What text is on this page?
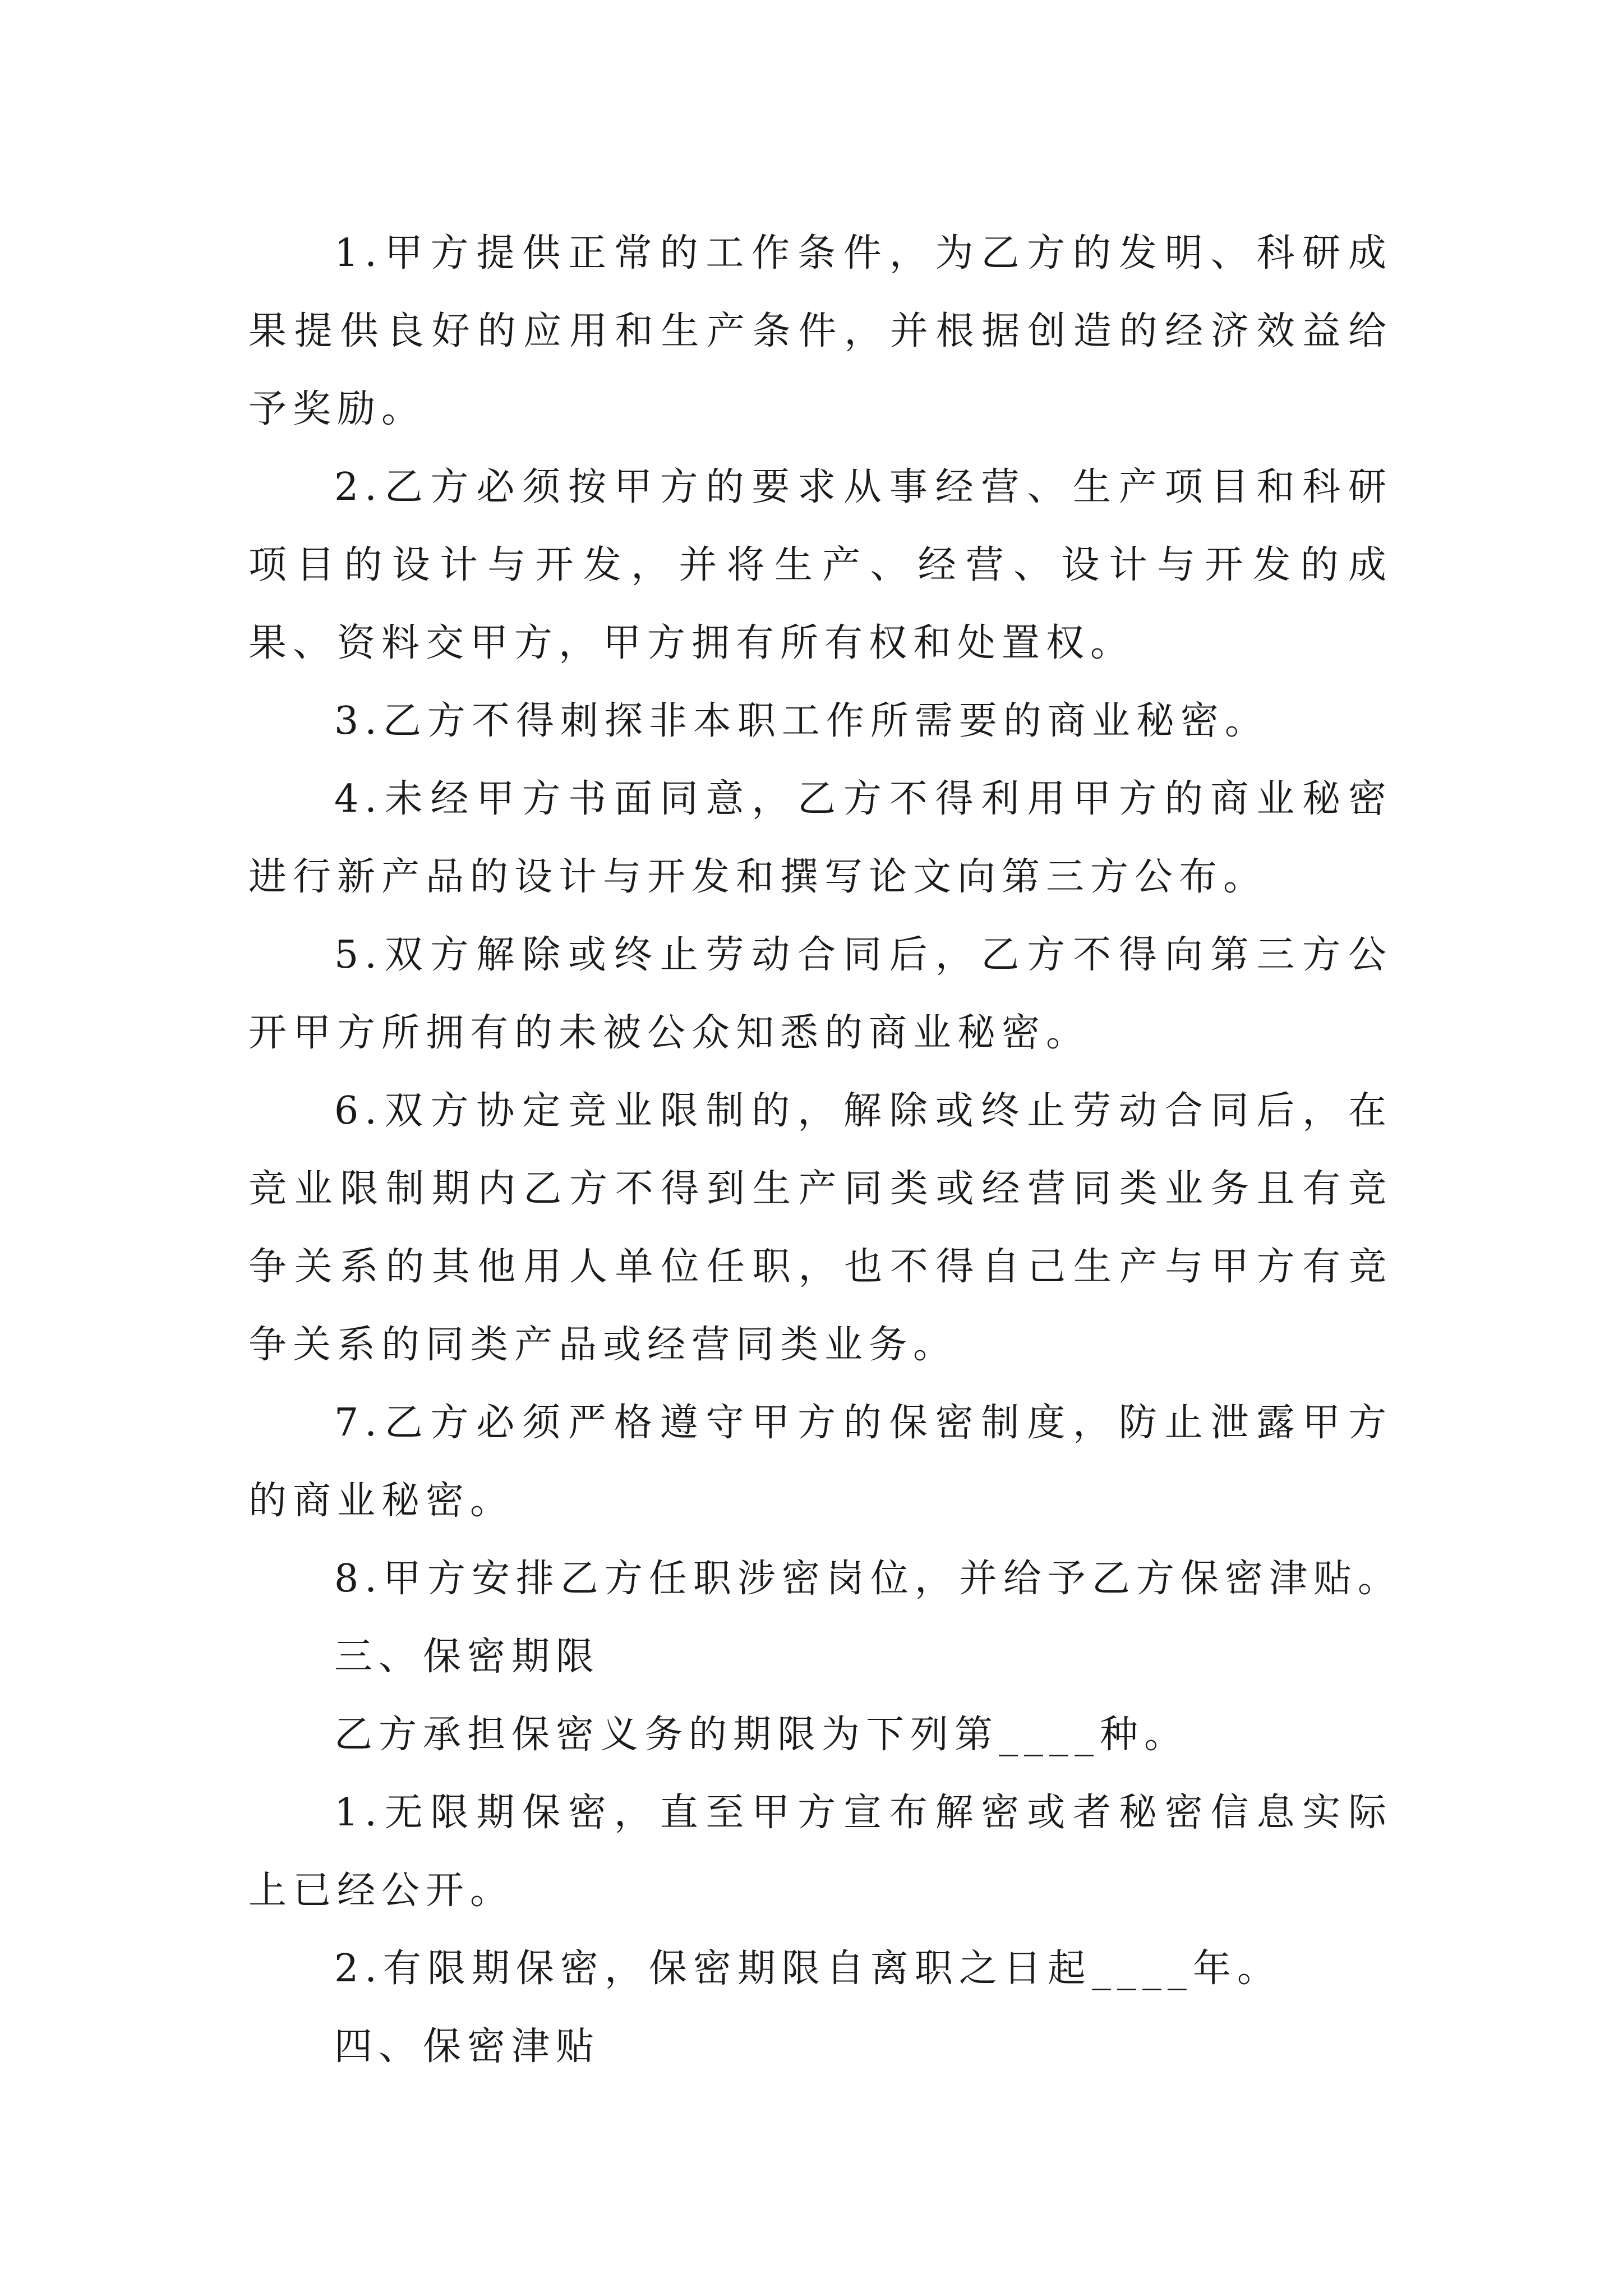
1.甲方提供正常的工作条件，为乙方的发明、科研成果提供良好的应用和生产条件，并根据创造的经济效益给予奖励。

2.乙方必须按甲方的要求从事经营、生产项目和科研项目的设计与开发，并将生产、经营、设计与开发的成果、资料交甲方，甲方拥有所有权和处置权。

3.乙方不得刺探非本职工作所需要的商业秘密。

4.未经甲方书面同意，乙方不得利用甲方的商业秘密进行新产品的设计与开发和撰写论文向第三方公布。

5.双方解除或终止劳动合同后，乙方不得向第三方公开甲方所拥有的未被公众知悉的商业秘密。

6.双方协定竞业限制的，解除或终止劳动合同后，在竞业限制期内乙方不得到生产同类或经营同类业务且有竞争关系的其他用人单位任职，也不得自己生产与甲方有竞争关系的同类产品或经营同类业务。

7.乙方必须严格遵守甲方的保密制度，防止泄露甲方的商业秘密。

8.甲方安排乙方任职涉密岗位，并给予乙方保密津贴。

三、保密期限

乙方承担保密义务的期限为下列第____种。

1.无限期保密，直至甲方宣布解密或者秘密信息实际上已经公开。

2.有限期保密，保密期限自离职之日起____年。

四、保密津贴
